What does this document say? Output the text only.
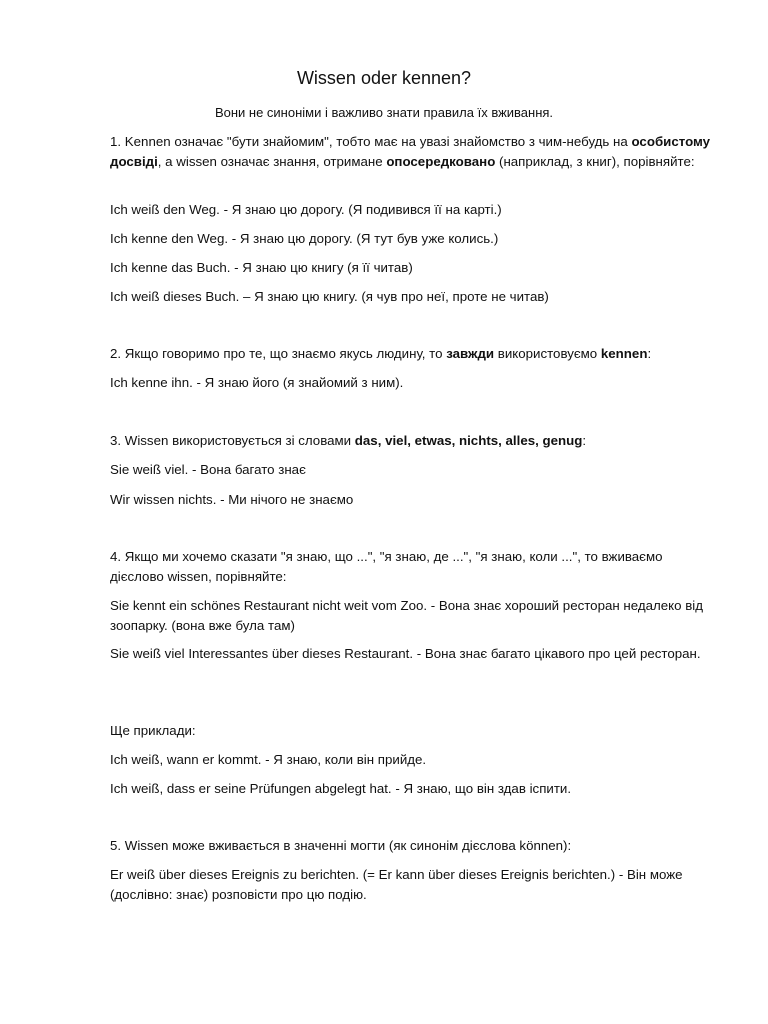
Wissen oder kennen?

Вони не синоніми і важливо знати правила їх вживання.

1. Kennen означає "бути знайомим", тобто має на увазі знайомство з чим-небудь на особистому досвіді, а wissen означає знання, отримане опосередковано (наприклад, з книг), порівняйте:

Ich weiß den Weg. - Я знаю цю дорогу. (Я подивився її на карті.)

Ich kenne den Weg. - Я знаю цю дорогу. (Я тут був уже колись.)

Ich kenne das Buch. - Я знаю цю книгу (я її читав)

Ich weiß dieses Buch. – Я знаю цю книгу. (я чув про неї, проте не читав)

2. Якщо говоримо про те, що знаємо якусь людину, то завжди використовуємо kennen:

Ich kenne ihn. - Я знаю його (я знайомий з ним).

3. Wissen використовується зі словами das, viel, etwas, nichts, alles, genug:

Sie weiß viel. - Вона багато знає

Wir wissen nichts. - Ми нічого не знаємо

4. Якщо ми хочемо сказати "я знаю, що ...", "я знаю, де ...", "я знаю, коли ...", то вживаємо дієслово wissen, порівняйте:

Sie kennt ein schönes Restaurant nicht weit vom Zoo. - Вона знає хороший ресторан недалеко від зоопарку. (вона вже була там)

Sie weiß viel Interessantes über dieses Restaurant. - Вона знає багато цікавого про цей ресторан.

Ще приклади:

Ich weiß, wann er kommt. - Я знаю, коли він прийде.

Ich weiß, dass er seine Prüfungen abgelegt hat. - Я знаю, що він здав іспити.

5. Wissen може вживається в значенні могти (як синонім дієслова können):

Er weiß über dieses Ereignis zu berichten. (= Er kann über dieses Ereignis berichten.) - Він може (дослівно: знає) розповісти про цю подію.
